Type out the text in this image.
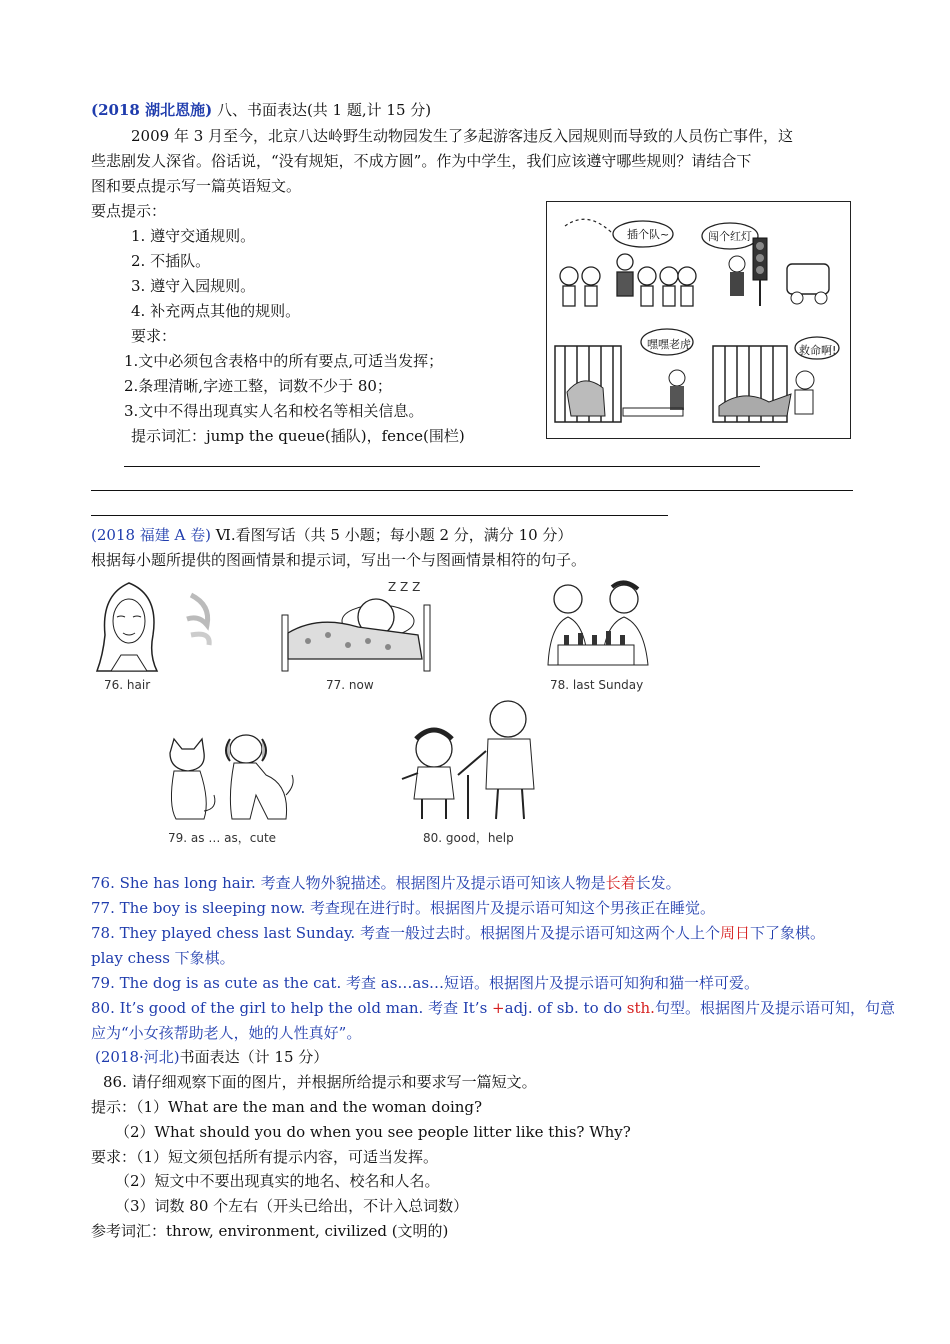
(2018 湖北恩施) 八、书面表达(共 1 题,计 15 分)
2009 年 3 月至今，北京八达岭野生动物园发生了多起游客违反入园规则而导致的人员伤亡事件，这
些悲剧发人深省。俗话说，“没有规矩，不成方圆”。作为中学生，我们应该遵守哪些规则？请结合下
图和要点提示写一篇英语短文。
要点提示：
1. 遵守交通规则。
2. 不插队。
3. 遵守入园规则。
4. 补充两点其他的规则。
要求：
1.文中必须包含表格中的所有要点,可适当发挥；
2.条理清晰,字迹工整，词数不少于 80；
3.文中不得出现真实人名和校名等相关信息。
提示词汇：jump the queue(插队)，fence(围栏)
插个队~	闯个红灯
嘿嘿老虎	救命啊!
(2018 福建 A 卷) Ⅵ.看图写话（共 5 小题；每小题 2 分，满分 10 分）
根据每小题所提供的图画情景和提示词，写出一个与图画情景相符的句子。
76. hair
Z Z Z
77. now	78. last Sunday
79. as … as，cute	80. good，help
76. She has long hair. 考查人物外貌描述。根据图片及提示语可知该人物是长着长发。
77. The boy is sleeping now. 考查现在进行时。根据图片及提示语可知这个男孩正在睡觉。
78. They played chess last Sunday. 考查一般过去时。根据图片及提示语可知这两个人上个周日下了象棋。
play chess 下象棋。
79. The dog is as cute as the cat. 考查 as…as…短语。根据图片及提示语可知狗和猫一样可爱。
80. It’s good of the girl to help the old man. 考查 It’s +adj. of sb. to do sth.句型。根据图片及提示语可知，句意
应为“小女孩帮助老人，她的人性真好”。
(2018·河北)书面表达（计 15 分）
86. 请仔细观察下面的图片，并根据所给提示和要求写一篇短文。
提示：（1）What are the man and the woman doing?
（2）What should you do when you see people litter like this? Why?
要求：（1）短文须包括所有提示内容，可适当发挥。
（2）短文中不要出现真实的地名、校名和人名。
（3）词数 80 个左右（开头已给出，不计入总词数）
参考词汇：throw, environment, civilized (文明的)
